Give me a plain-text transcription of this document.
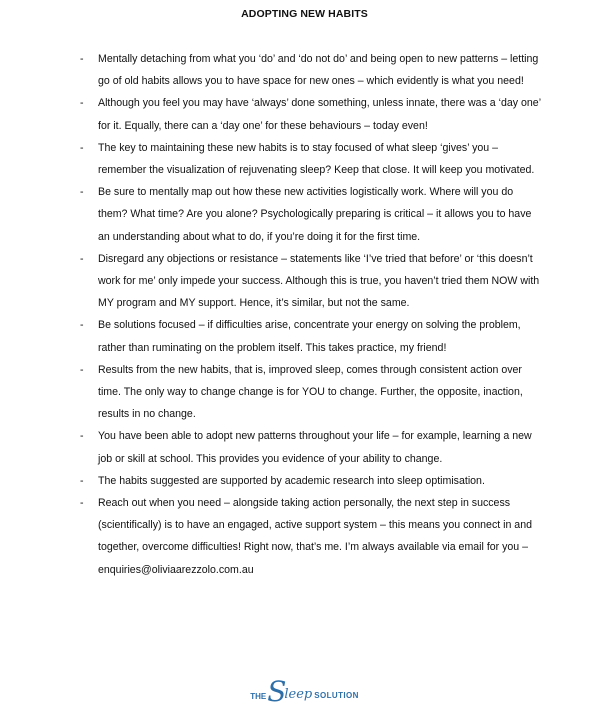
ADOPTING NEW HABITS
- Mentally detaching from what you ‘do’ and ‘do not do’ and being open to new patterns – letting go of old habits allows you to have space for new ones – which evidently is what you need!
- Although you feel you may have ‘always’ done something, unless innate, there was a ‘day one’ for it. Equally, there can a ‘day one’ for these behaviours – today even!
- The key to maintaining these new habits is to stay focused of what sleep ‘gives’ you – remember the visualization of rejuvenating sleep? Keep that close. It will keep you motivated.
- Be sure to mentally map out how these new activities logistically work. Where will you do them? What time? Are you alone? Psychologically preparing is critical – it allows you to have an understanding about what to do, if you’re doing it for the first time.
- Disregard any objections or resistance – statements like ‘I’ve tried that before’ or ‘this doesn’t work for me’ only impede your success. Although this is true, you haven’t tried them NOW with MY program and MY support. Hence, it’s similar, but not the same.
- Be solutions focused – if difficulties arise, concentrate your energy on solving the problem, rather than ruminating on the problem itself. This takes practice, my friend!
- Results from the new habits, that is, improved sleep, comes through consistent action over time. The only way to change change is for YOU to change. Further, the opposite, inaction, results in no change.
- You have been able to adopt new patterns throughout your life – for example, learning a new job or skill at school. This provides you evidence of your ability to change.
- The habits suggested are supported by academic research into sleep optimisation.
- Reach out when you need – alongside taking action personally, the next step in success (scientifically) is to have an engaged, active support system – this means you connect in and together, overcome difficulties! Right now, that’s me. I’m always available via email for you – enquiries@oliviaarezzolo.com.au
THE S
leep SOLUTION
